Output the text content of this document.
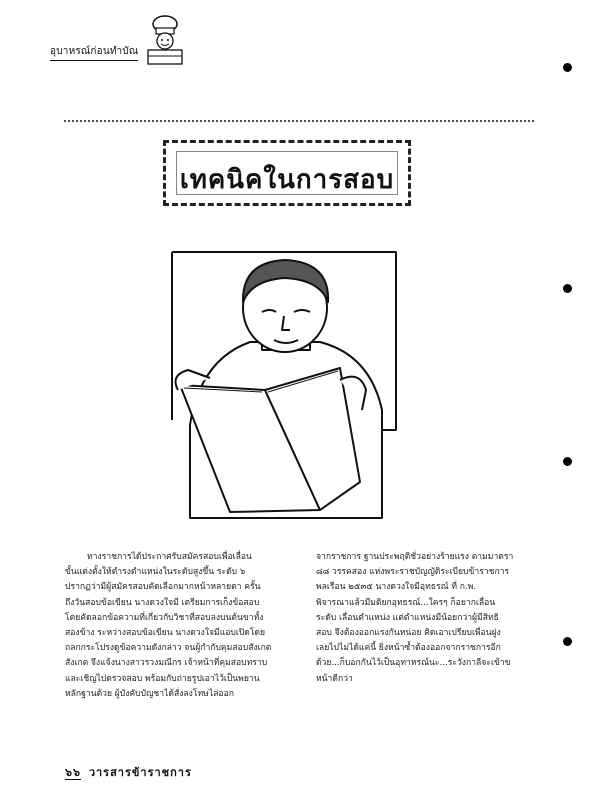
อุบาหรณ์ก่อนทำบัณ
เทคนิคในการสอบ

ทางราชการได้ประกาศรับสมัครสอบเพื่อเลื่อน

ขั้นแต่งตั้งให้ดำรงตำแหน่งในระดับสูงขึ้น ระดับ ๖

ปรากฏว่ามีผู้สมัครสอบคัดเลือกมากหน้าหลายตา ครั้น

ถึงวันสอบข้อเขียน นางดวงใจมี เตรียมการเก็งข้อสอบ

โดยคัดลอกข้อความที่เกี่ยวกับวิชาที่สอบลงบนต้นขาทั้ง

สองข้าง ระหว่างสอบข้อเขียน นางดวงใจมีแอบเปิดโดย

ถลกกระโปรงดูข้อความดังกล่าว จนผู้กำกับคุมสอบสังเกต

สังเกต จึงแจ้งนางสาวรวงมณีกร เจ้าหน้าที่คุมสอบทราบ

และเชิญไปตรวจสอบ พร้อมกับถ่ายรูปเอาไว้เป็นพยาน

หลักฐานด้วย ผู้บังคับบัญชาได้สั่งลงโทษไล่ออก

จากราชการ ฐานประพฤติชั่วอย่างร้ายแรง ตามมาตรา

๘๘ วรรคสอง แห่งพระราชบัญญัติระเบียบข้าราชการ

พลเรือน ๒๕๓๕ นางดวงใจมีอุทธรณ์ ที่ ก.พ.

พิจารณาแล้วมีมติยกอุทธรณ์...ใครๆ ก็อยากเลื่อน

ระดับ เลื่อนตำแหน่ง แต่ตำแหน่งมีน้อยกว่าผู้มีสิทธิ

สอบ จึงต้องออกแรงกันหน่อย คิดเอาเปรียบเพื่อนฝูง

เลยไปไม่ได้แค่นี้ ยิ่งหน้าซ้ำต้องออกจากราชการอีก

ด้วย...ก็บอกกันไว้เป็นอุทาหรณ์นะ...ระวังกาลีจะเข้าข

หน้าดีกว่า

๖๖ วารสารข้าราชการ
